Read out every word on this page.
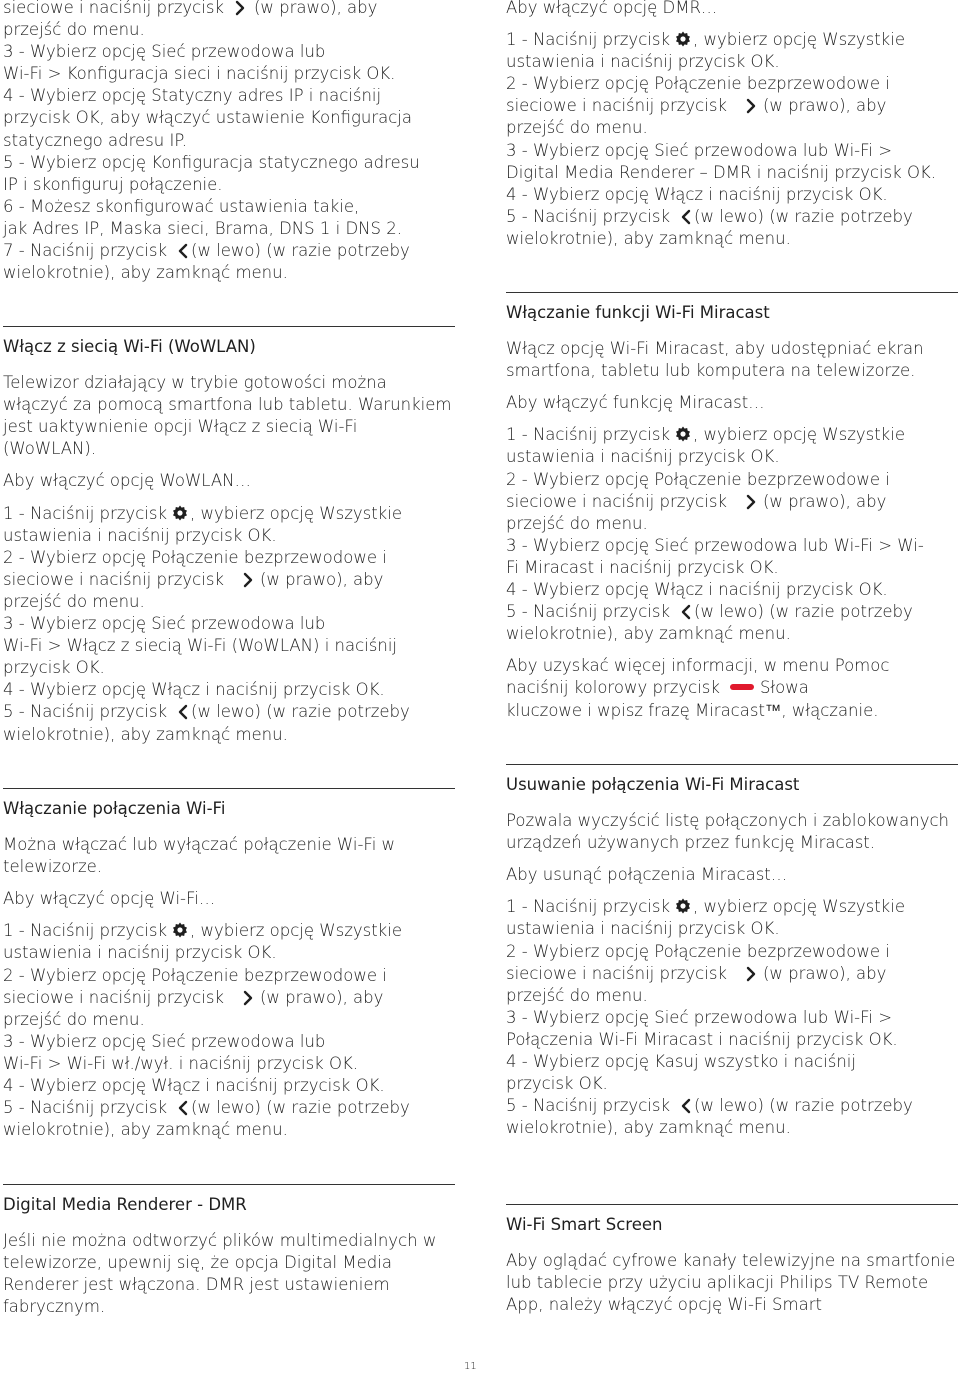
sieciowe i naciśnij przycisk (w prawo), aby

przejść do menu.

3 - Wybierz opcję Sieć przewodowa lub

Wi-Fi > Konfiguracja sieci i naciśnij przycisk OK.

4 - Wybierz opcję Statyczny adres IP i naciśnij

przycisk OK, aby włączyć ustawienie Konfiguracja

statycznego adresu IP.

5 - Wybierz opcję Konfiguracja statycznego adresu

IP i skonfiguruj połączenie.

6 - Możesz skonfigurować ustawienia takie,

jak Adres IP, Maska sieci, Brama, DNS 1 i DNS 2.

7 - Naciśnij przycisk (w lewo) (w razie potrzeby

wielokrotnie), aby zamknąć menu.

Włącz z siecią Wi-Fi (WoWLAN)

Telewizor działający w trybie gotowości można włączyć za pomocą smartfona lub tabletu. Warunkiem jest uaktywnienie opcji Włącz z siecią Wi-Fi (WoWLAN).

Aby włączyć opcję WoWLAN…

1 - Naciśnij przycisk , wybierz opcję Wszystkie

ustawienia i naciśnij przycisk OK.

2 - Wybierz opcję Połączenie bezprzewodowe i

sieciowe i naciśnij przycisk (w prawo), aby

przejść do menu.

3 - Wybierz opcję Sieć przewodowa lub

Wi-Fi > Włącz z siecią Wi-Fi (WoWLAN) i naciśnij

przycisk OK.

4 - Wybierz opcję Włącz i naciśnij przycisk OK.

5 - Naciśnij przycisk (w lewo) (w razie potrzeby

wielokrotnie), aby zamknąć menu.

Włączanie połączenia Wi-Fi

Można włączać lub wyłączać połączenie Wi-Fi w telewizorze.

Aby włączyć opcję Wi-Fi…

1 - Naciśnij przycisk , wybierz opcję Wszystkie

ustawienia i naciśnij przycisk OK.

2 - Wybierz opcję Połączenie bezprzewodowe i

sieciowe i naciśnij przycisk (w prawo), aby

przejść do menu.

3 - Wybierz opcję Sieć przewodowa lub

Wi-Fi > Wi-Fi wł./wył. i naciśnij przycisk OK.

4 - Wybierz opcję Włącz i naciśnij przycisk OK.

5 - Naciśnij przycisk (w lewo) (w razie potrzeby

wielokrotnie), aby zamknąć menu.

Digital Media Renderer - DMR

Jeśli nie można odtworzyć plików multimedialnych w telewizorze, upewnij się, że opcja Digital Media Renderer jest włączona. DMR jest ustawieniem fabrycznym.

Aby włączyć opcję DMR…

1 - Naciśnij przycisk , wybierz opcję Wszystkie

ustawienia i naciśnij przycisk OK.

2 - Wybierz opcję Połączenie bezprzewodowe i

sieciowe i naciśnij przycisk (w prawo), aby

przejść do menu.

3 - Wybierz opcję Sieć przewodowa lub Wi-Fi >

Digital Media Renderer – DMR i naciśnij przycisk OK.

4 - Wybierz opcję Włącz i naciśnij przycisk OK.

5 - Naciśnij przycisk (w lewo) (w razie potrzeby

wielokrotnie), aby zamknąć menu.

Włączanie funkcji Wi-Fi Miracast

Włącz opcję Wi-Fi Miracast, aby udostępniać ekran smartfona, tabletu lub komputera na telewizorze.

Aby włączyć funkcję Miracast…

1 - Naciśnij przycisk , wybierz opcję Wszystkie

ustawienia i naciśnij przycisk OK.

2 - Wybierz opcję Połączenie bezprzewodowe i

sieciowe i naciśnij przycisk (w prawo), aby

przejść do menu.

3 - Wybierz opcję Sieć przewodowa lub Wi-Fi > Wi-

Fi Miracast i naciśnij przycisk OK.

4 - Wybierz opcję Włącz i naciśnij przycisk OK.

5 - Naciśnij przycisk (w lewo) (w razie potrzeby

wielokrotnie), aby zamknąć menu.

Aby uzyskać więcej informacji, w menu Pomoc

naciśnij kolorowy przycisk Słowa

kluczowe i wpisz frazę Miracast™, włączanie.

Usuwanie połączenia Wi-Fi Miracast

Pozwala wyczyścić listę połączonych i zablokowanych urządzeń używanych przez funkcję Miracast.

Aby usunąć połączenia Miracast…

1 - Naciśnij przycisk , wybierz opcję Wszystkie

ustawienia i naciśnij przycisk OK.

2 - Wybierz opcję Połączenie bezprzewodowe i

sieciowe i naciśnij przycisk (w prawo), aby

przejść do menu.

3 - Wybierz opcję Sieć przewodowa lub Wi-Fi >

Połączenia Wi-Fi Miracast i naciśnij przycisk OK.

4 - Wybierz opcję Kasuj wszystko i naciśnij

przycisk OK.

5 - Naciśnij przycisk (w lewo) (w razie potrzeby

wielokrotnie), aby zamknąć menu.

Wi-Fi Smart Screen

Aby oglądać cyfrowe kanały telewizyjne na smartfonie lub tablecie przy użyciu aplikacji Philips TV Remote App, należy włączyć opcję Wi-Fi Smart

11
